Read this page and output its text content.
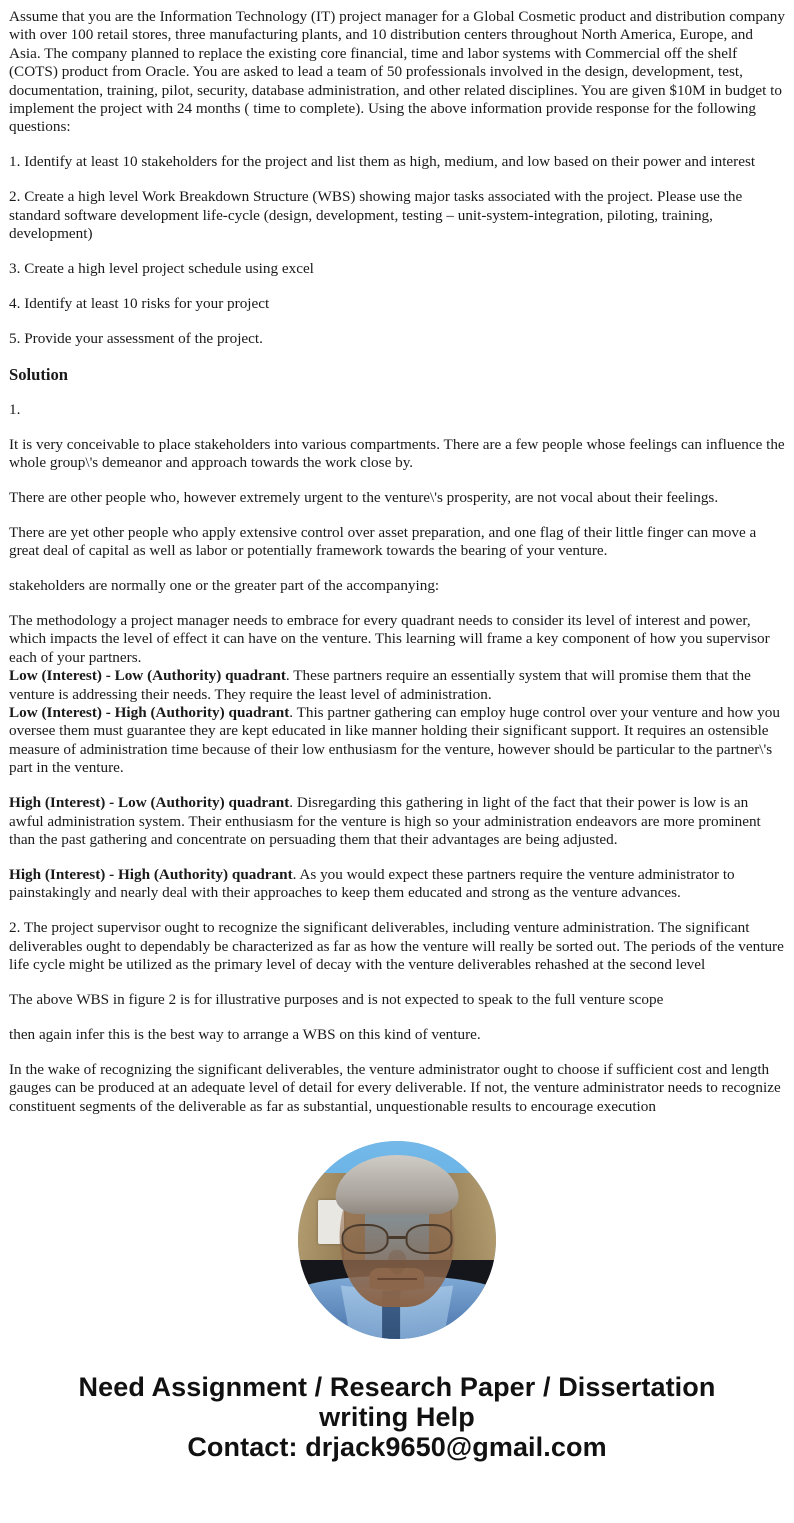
Assume that you are the Information Technology (IT) project manager for a Global Cosmetic product and distribution company with over 100 retail stores, three manufacturing plants, and 10 distribution centers throughout North America, Europe, and Asia. The company planned to replace the existing core financial, time and labor systems with Commercial off the shelf (COTS) product from Oracle. You are asked to lead a team of 50 professionals involved in the design, development, test, documentation, training, pilot, security, database administration, and other related disciplines. You are given $10M in budget to implement the project with 24 months ( time to complete). Using the above information provide response for the following questions:

1. Identify at least 10 stakeholders for the project and list them as high, medium, and low based on their power and interest

2. Create a high level Work Breakdown Structure (WBS) showing major tasks associated with the project. Please use the standard software development life-cycle (design, development, testing – unit-system-integration, piloting, training, development)

3. Create a high level project schedule using excel

4. Identify at least 10 risks for your project

5. Provide your assessment of the project.

Solution

1.

It is very conceivable to place stakeholders into various compartments. There are a few people whose feelings can influence the whole group\'s demeanor and approach towards the work close by.

There are other people who, however extremely urgent to the venture\'s prosperity, are not vocal about their feelings.

There are yet other people who apply extensive control over asset preparation, and one flag of their little finger can move a great deal of capital as well as labor or potentially framework towards the bearing of your venture.

stakeholders are normally one or the greater part of the accompanying:

The methodology a project manager needs to embrace for every quadrant needs to consider its level of interest and power, which impacts the level of effect it can have on the venture. This learning will frame a key component of how you supervisor each of your partners.

Low (Interest) - Low (Authority) quadrant. These partners require an essentially system that will promise them that the venture is addressing their needs. They require the least level of administration.

Low (Interest) - High (Authority) quadrant. This partner gathering can employ huge control over your venture and how you oversee them must guarantee they are kept educated in like manner holding their significant support. It requires an ostensible measure of administration time because of their low enthusiasm for the venture, however should be particular to the partner\'s part in the venture.

High (Interest) - Low (Authority) quadrant. Disregarding this gathering in light of the fact that their power is low is an awful administration system. Their enthusiasm for the venture is high so your administration endeavors are more prominent than the past gathering and concentrate on persuading them that their advantages are being adjusted.

High (Interest) - High (Authority) quadrant. As you would expect these partners require the venture administrator to painstakingly and nearly deal with their approaches to keep them educated and strong as the venture advances.

2. The project supervisor ought to recognize the significant deliverables, including venture administration. The significant deliverables ought to dependably be characterized as far as how the venture will really be sorted out. The periods of the venture life cycle might be utilized as the primary level of decay with the venture deliverables rehashed at the second level

The above WBS in figure 2 is for illustrative purposes and is not expected to speak to the full venture scope

then again infer this is the best way to arrange a WBS on this kind of venture.

In the wake of recognizing the significant deliverables, the venture administrator ought to choose if sufficient cost and length gauges can be produced at an adequate level of detail for every deliverable. If not, the venture administrator needs to recognize constituent segments of the deliverable as far as substantial, unquestionable results to encourage execution

Need Assignment / Research Paper / Dissertation
writing Help
Contact: drjack9650@gmail.com
